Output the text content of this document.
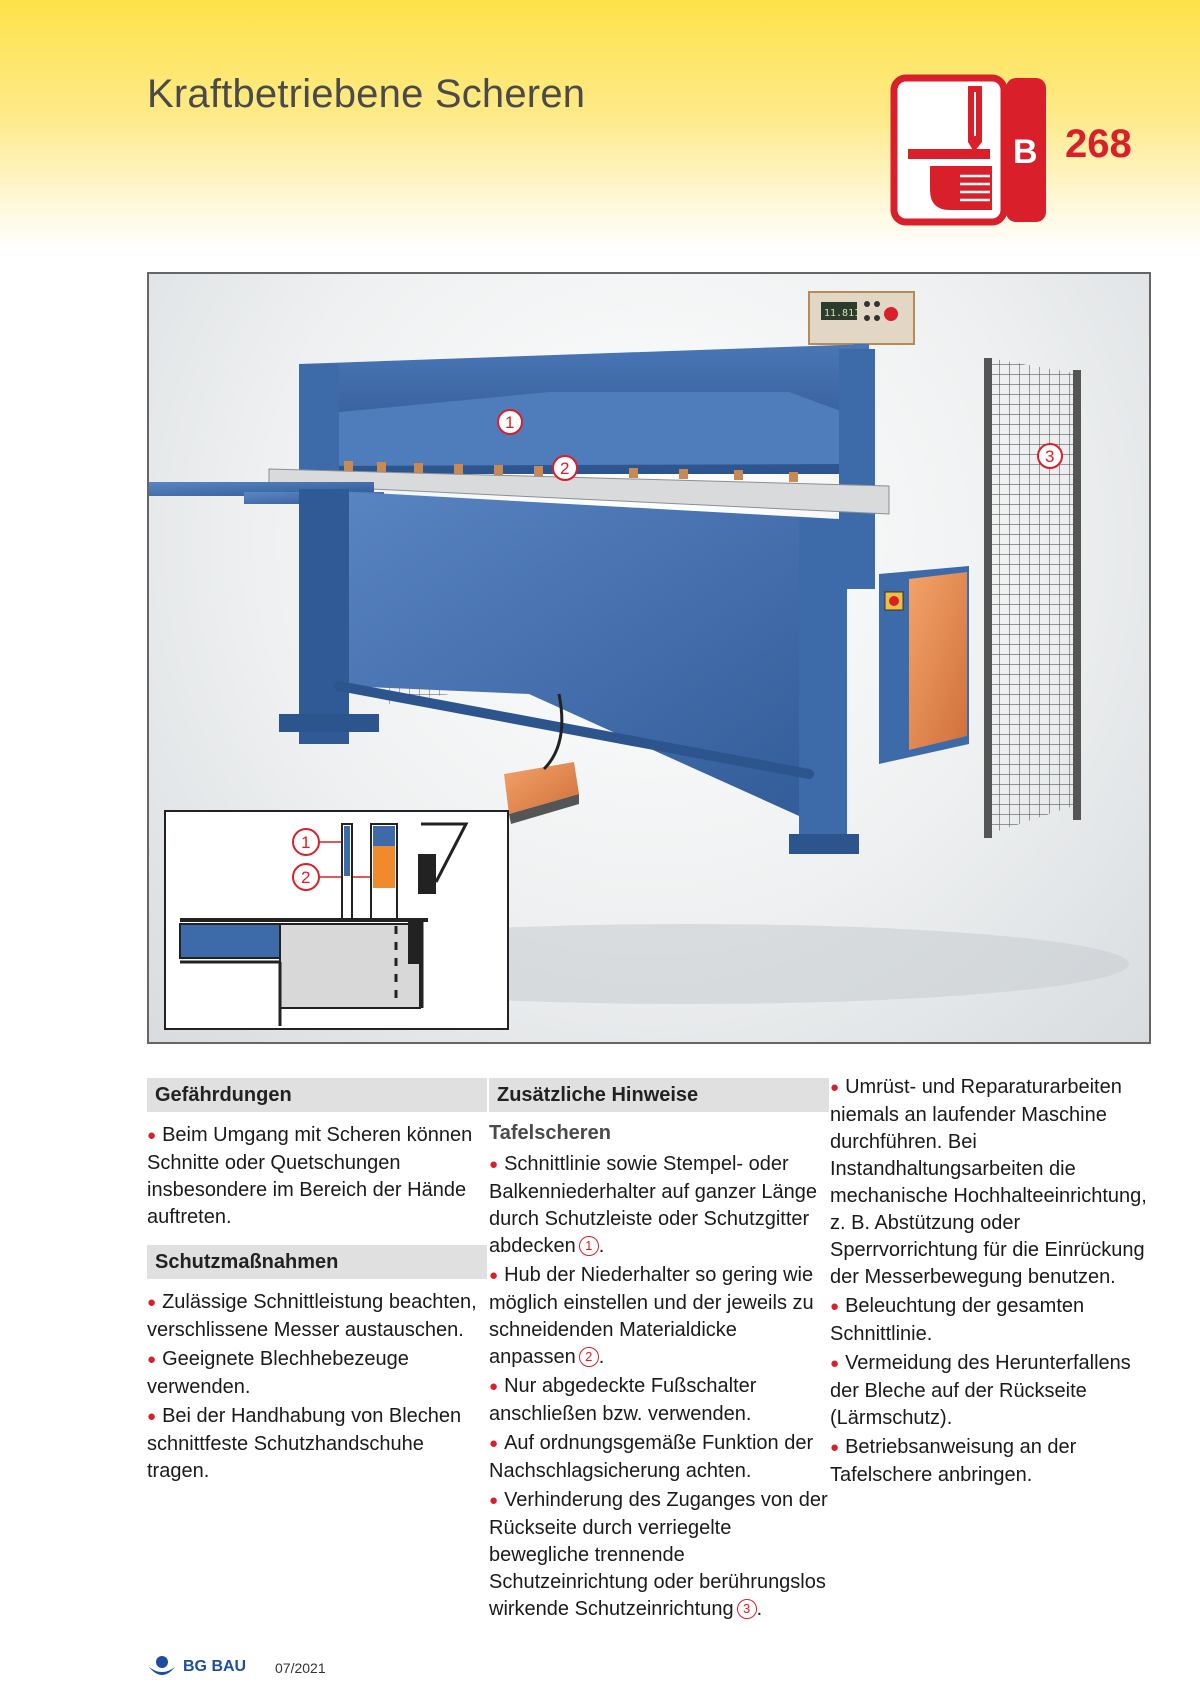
Kraftbetriebene Scheren
B 268
11.811
1
2
3
1
2
Gefährdungen
● Beim Umgang mit Scheren können Schnitte oder Quetschungen insbesondere im Bereich der Hände auftreten.
Schutzmaßnahmen
● Zulässige Schnittleistung beachten, verschlissene Messer austauschen.
● Geeignete Blechhebezeuge verwenden.
● Bei der Handhabung von Blechen schnittfeste Schutzhandschuhe tragen.
Zusätzliche Hinweise
Tafelscheren
● Schnittlinie sowie Stempel- oder Balkenniederhalter auf ganzer Länge durch Schutzleiste oder Schutzgitter abdecken 1 .
● Hub der Niederhalter so gering wie möglich einstellen und der jeweils zu schneidenden Materialdicke anpassen 2 .
● Nur abgedeckte Fußschalter anschließen bzw. verwenden.
● Auf ordnungsgemäße Funktion der Nachschlagsicherung achten.
● Verhinderung des Zuganges von der Rückseite durch verriegelte bewegliche trennende Schutzeinrichtung oder berührungslos wirkende Schutzeinrichtung 3 .
● Umrüst- und Reparaturarbeiten niemals an laufender Maschine durchführen. Bei Instandhaltungsarbeiten die mechanische Hochhalteeinrichtung, z. B. Abstützung oder Sperrvorrichtung für die Einrückung der Messerbewegung benutzen.
● Beleuchtung der gesamten Schnittlinie.
● Vermeidung des Herunterfallens der Bleche auf der Rückseite (Lärmschutz).
● Betriebsanweisung an der Tafelschere anbringen.
BG BAU 07/2021
